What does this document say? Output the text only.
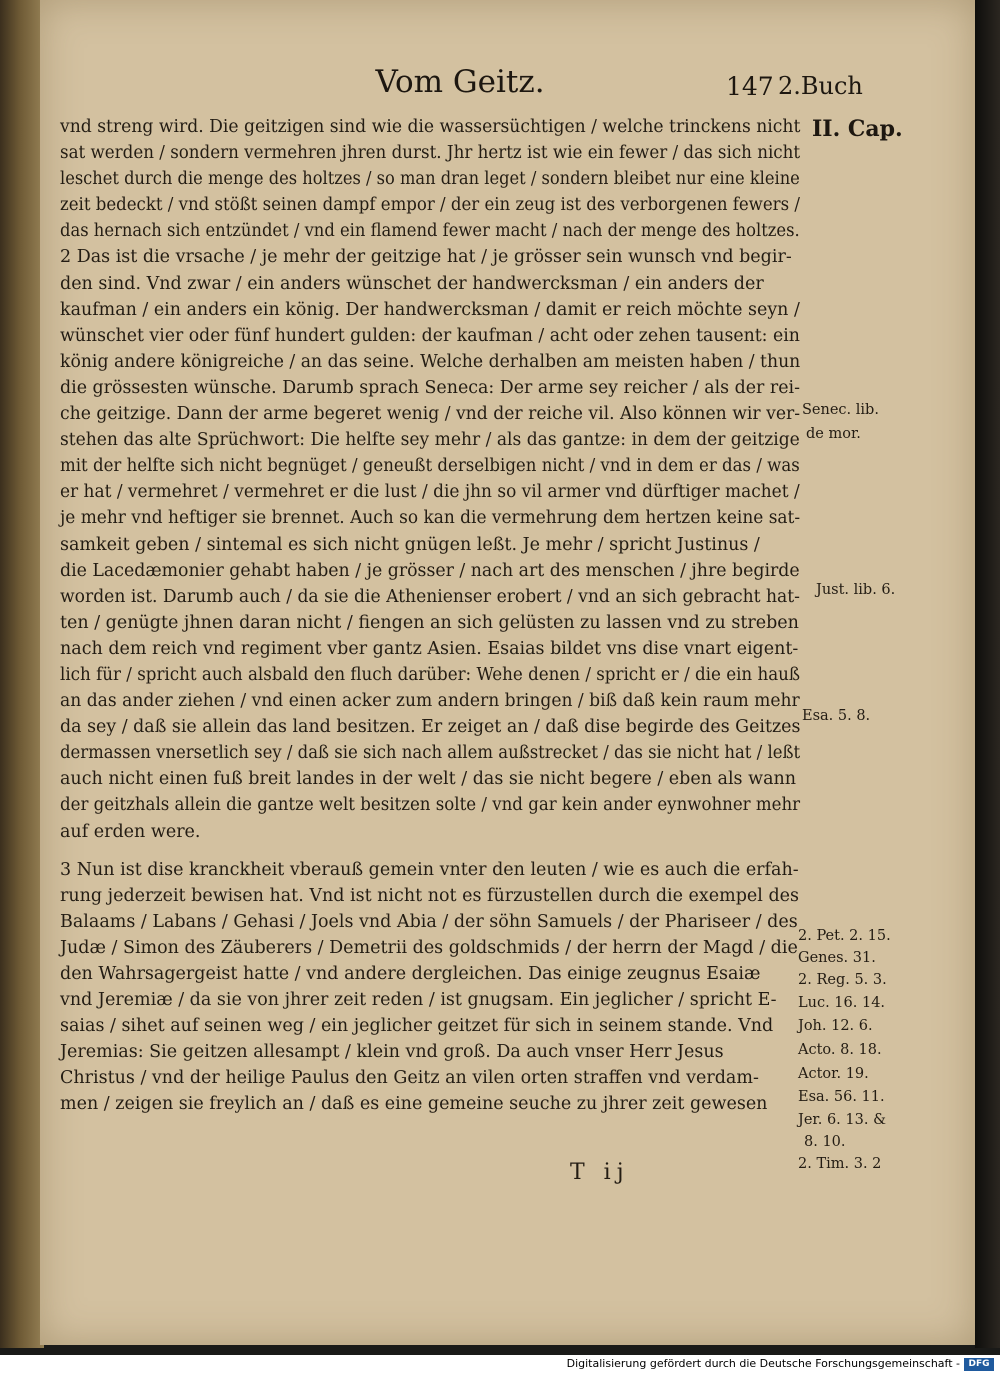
Vom Geitz.	147 2.Buch
II. Cap.
vnd streng wird. Die geitzigen sind wie die wassersüchtigen / welche trinckens nicht
sat werden / sondern vermehren jhren durst. Jhr hertz ist wie ein fewer / das sich nicht
leschet durch die menge des holtzes / so man dran leget / sondern bleibet nur eine kleine
zeit bedeckt / vnd stößt seinen dampf empor / der ein zeug ist des verborgenen fewers /
das hernach sich entzündet / vnd ein flamend fewer macht / nach der menge des holtzes.
2 Das ist die vrsache / je mehr der geitzige hat / je grösser sein wunsch vnd begir-
den sind. Vnd zwar / ein anders wünschet der handwercksman / ein anders der
kaufman / ein anders ein könig. Der handwercksman / damit er reich möchte seyn /
wünschet vier oder fünf hundert gulden: der kaufman / acht oder zehen tausent: ein
könig andere königreiche / an das seine. Welche derhalben am meisten haben / thun
die grössesten wünsche. Darumb sprach Seneca: Der arme sey reicher / als der rei-
che geitzige. Dann der arme begeret wenig / vnd der reiche vil. Also können wir ver-
stehen das alte Sprüchwort: Die helfte sey mehr / als das gantze: in dem der geitzige
mit der helfte sich nicht begnüget / geneußt derselbigen nicht / vnd in dem er das / was
er hat / vermehret / vermehret er die lust / die jhn so vil armer vnd dürftiger machet /
je mehr vnd heftiger sie brennet. Auch so kan die vermehrung dem hertzen keine sat-
samkeit geben / sintemal es sich nicht gnügen leßt. Je mehr / spricht Justinus /
die Lacedæmonier gehabt haben / je grösser / nach art des menschen / jhre begirde
worden ist. Darumb auch / da sie die Athenienser erobert / vnd an sich gebracht hat-
ten / genügte jhnen daran nicht / fiengen an sich gelüsten zu lassen vnd zu streben
nach dem reich vnd regiment vber gantz Asien. Esaias bildet vns dise vnart eigent-
lich für / spricht auch alsbald den fluch darüber: Wehe denen / spricht er / die ein hauß
an das ander ziehen / vnd einen acker zum andern bringen / biß daß kein raum mehr
da sey / daß sie allein das land besitzen. Er zeiget an / daß dise begirde des Geitzes
dermassen vnersetlich sey / daß sie sich nach allem außstrecket / das sie nicht hat / leßt
auch nicht einen fuß breit landes in der welt / das sie nicht begere / eben als wann
der geitzhals allein die gantze welt besitzen solte / vnd gar kein ander eynwohner mehr
auf erden were.
3 Nun ist dise kranckheit vberauß gemein vnter den leuten / wie es auch die erfah-
rung jederzeit bewisen hat. Vnd ist nicht not es fürzustellen durch die exempel des
Balaams / Labans / Gehasi / Joels vnd Abia / der söhn Samuels / der Phariseer / des
Judæ / Simon des Zäuberers / Demetrii des goldschmids / der herrn der Magd / die
den Wahrsagergeist hatte / vnd andere dergleichen. Das einige zeugnus Esaiæ
vnd Jeremiæ / da sie von jhrer zeit reden / ist gnugsam. Ein jeglicher / spricht E-
saias / sihet auf seinen weg / ein jeglicher geitzet für sich in seinem stande. Vnd
Jeremias: Sie geitzen allesampt / klein vnd groß. Da auch vnser Herr Jesus
Christus / vnd der heilige Paulus den Geitz an vilen orten straffen vnd verdam-
men / zeigen sie freylich an / daß es eine gemeine seuche zu jhrer zeit gewesen
T ij
Senec. lib.
de mor.
Just. lib. 6.
Esa. 5. 8.
2. Pet. 2. 15.
Genes. 31.
2. Reg. 5. 3.
Luc. 16. 14.
Joh. 12. 6.
Acto. 8. 18.
Actor. 19.
Esa. 56. 11.
Jer. 6. 13. &
8. 10.
2. Tim. 3. 2
Digitalisierung gefördert durch die Deutsche Forschungsgemeinschaft - DFG
